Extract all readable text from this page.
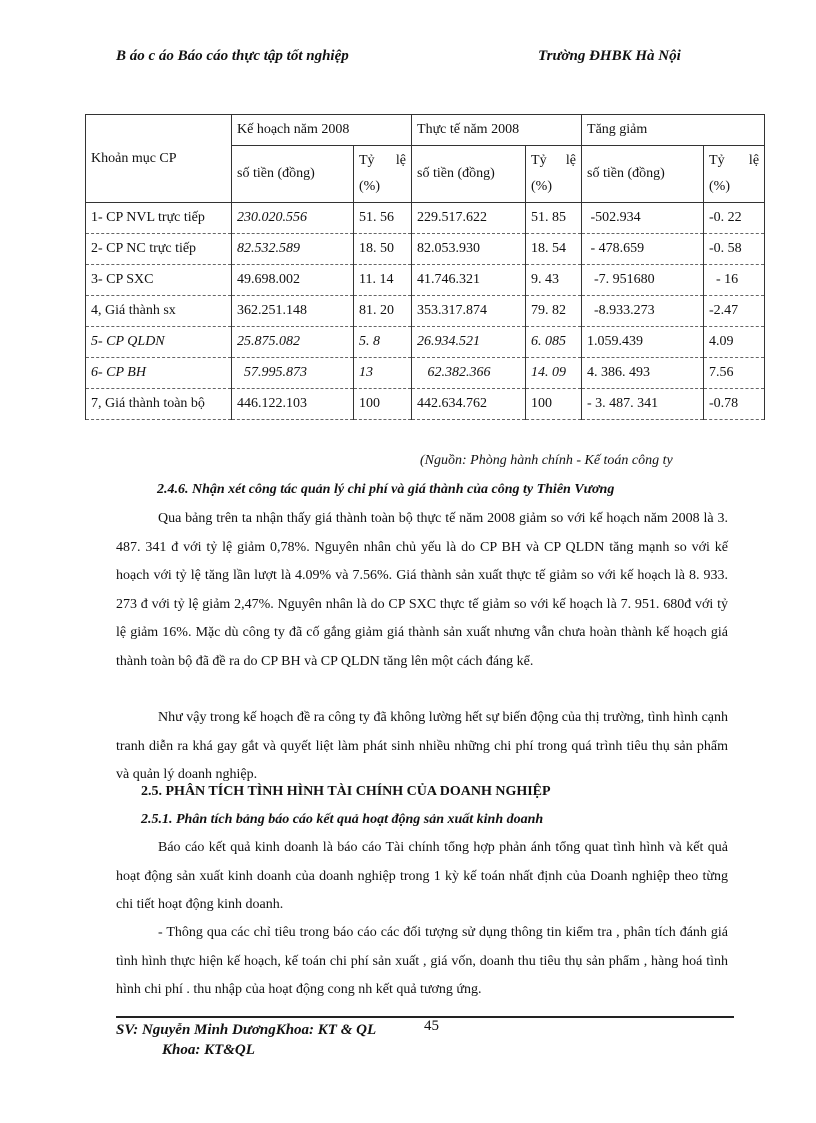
B áo c áo Báo cáo thực tập tốt nghiệp	Trường ĐHBK Hà Nội
Khoản mục CP	Kế hoạch năm 2008		Thực tế năm 2008		Tăng giảm	
	số tiền (đồng)	Tỷ lệ (%)	số tiền (đồng)	Tỷ lệ (%)	số tiền (đồng)	Tỷ lệ (%)
1- CP NVL trực tiếp	230.020.556	51. 56	229.517.622	51. 85	-502.934	-0. 22
2- CP NC trực tiếp	82.532.589	18. 50	82.053.930	18. 54	- 478.659	-0. 58
3- CP SXC	49.698.002	11. 14	41.746.321	9. 43	-7. 951680	- 16
4, Giá thành sx	362.251.148	81. 20	353.317.874	79. 82	-8.933.273	-2.47
5- CP QLDN	25.875.082	5. 8	26.934.521	6. 085	1.059.439	4.09
6- CP BH	57.995.873	13	62.382.366	14. 09	4. 386. 493	7.56
7, Giá thành toàn bộ	446.122.103	100	442.634.762	100	- 3. 487. 341	-0.78
(Nguồn: Phòng hành chính - Kế toán công ty
2.4.6. Nhận xét công tác quản lý chi phí và giá thành của công ty Thiên Vương

Qua bảng trên ta nhận thấy giá thành toàn bộ thực tế năm 2008 giảm so với kế hoạch năm 2008 là 3. 487. 341 đ với tỷ lệ giảm 0,78%. Nguyên nhân chủ yếu là do CP BH và CP QLDN tăng mạnh so với kế hoạch với tỷ lệ tăng lần lượt là 4.09% và 7.56%. Giá thành sản xuất thực tế giảm so với kế hoạch là 8. 933. 273 đ với tỷ lệ giảm 2,47%. Nguyên nhân là do CP SXC thực tế giảm so với kế hoạch là 7. 951. 680đ với tỷ lệ giảm 16%. Mặc dù công ty đã cố gắng giảm giá thành sản xuất nhưng vẫn chưa hoàn thành kế hoạch giá thành toàn bộ đã đề ra do CP BH và CP QLDN tăng lên một cách đáng kể.

Như vậy trong kế hoạch đề ra công ty đã không lường hết sự biến động của thị trường, tình hình cạnh tranh diễn ra khá gay gắt và quyết liệt làm phát sinh nhiều những chi phí trong quá trình tiêu thụ sản phẩm và quản lý doanh nghiệp.

2.5. PHÂN TÍCH TÌNH HÌNH TÀI CHÍNH CỦA DOANH NGHIỆP
2.5.1. Phân tích bảng báo cáo kết quả hoạt động sản xuất kinh doanh

Báo cáo kết quả kinh doanh là báo cáo Tài chính tổng hợp phản ánh tổng quat tình hình và kết quả hoạt động sản xuất kinh doanh của doanh nghiệp trong 1 kỳ kế toán nhất định của Doanh nghiệp theo từng chi tiết hoạt động kinh doanh.

- Thông qua các chỉ tiêu trong báo cáo các đối tượng sử dụng thông tin kiểm tra , phân tích đánh giá tình hình thực hiện kế hoạch, kế toán chi phí sản xuất , giá vốn, doanh thu tiêu thụ sản phẩm , hàng hoá tình hình chi phí . thu nhập của hoạt động cong nh kết quả tương ứng.

SV: Nguyễn Minh DươngKhoa: KT & QL	45
Khoa: KT&QL
